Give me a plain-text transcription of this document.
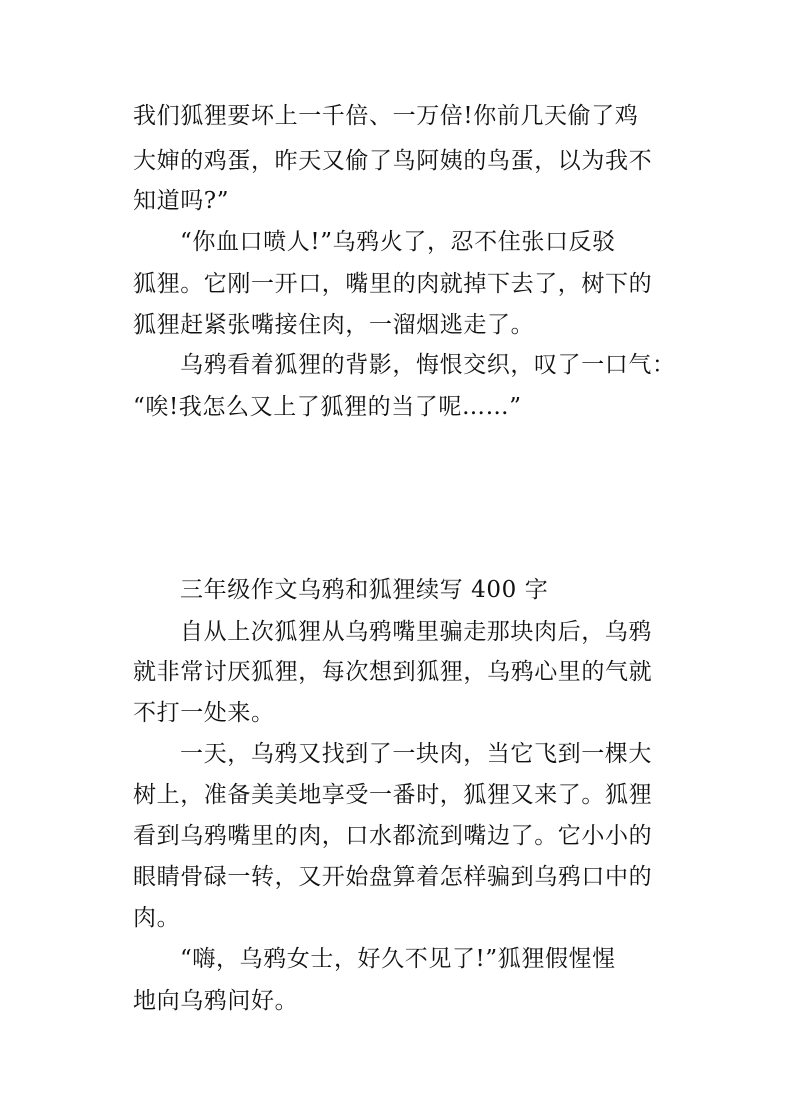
我们狐狸要坏上一千倍、一万倍!你前几天偷了鸡
大婶的鸡蛋，昨天又偷了鸟阿姨的鸟蛋，以为我不
知道吗?”
“你血口喷人!”乌鸦火了，忍不住张口反驳
狐狸。它刚一开口，嘴里的肉就掉下去了，树下的
狐狸赶紧张嘴接住肉，一溜烟逃走了。
乌鸦看着狐狸的背影，悔恨交织，叹了一口气：
“唉!我怎么又上了狐狸的当了呢……”
三年级作文乌鸦和狐狸续写 400 字
自从上次狐狸从乌鸦嘴里骗走那块肉后，乌鸦
就非常讨厌狐狸，每次想到狐狸，乌鸦心里的气就
不打一处来。
一天，乌鸦又找到了一块肉，当它飞到一棵大
树上，准备美美地享受一番时，狐狸又来了。狐狸
看到乌鸦嘴里的肉，口水都流到嘴边了。它小小的
眼睛骨碌一转，又开始盘算着怎样骗到乌鸦口中的
肉。
“嗨，乌鸦女士，好久不见了!”狐狸假惺惺
地向乌鸦问好。
